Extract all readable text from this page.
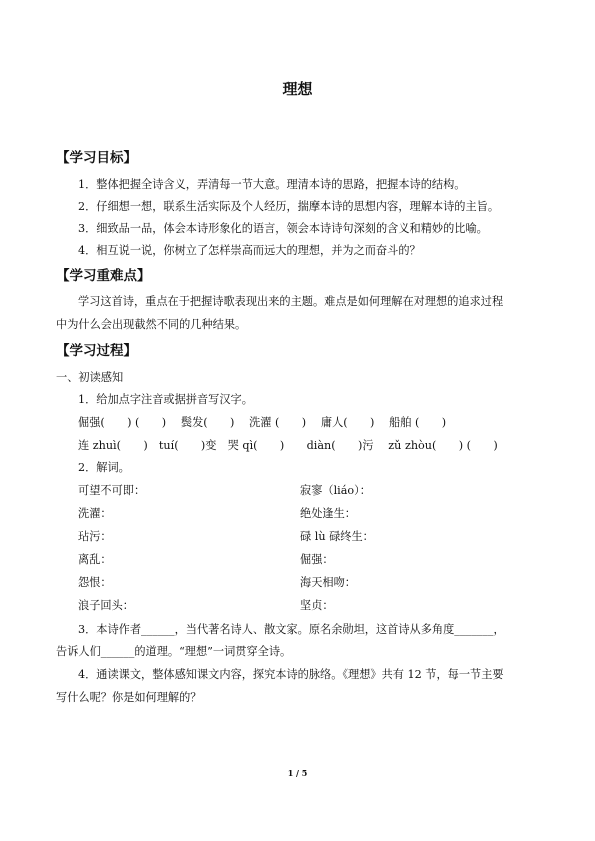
理想
【学习目标】
1．整体把握全诗含义，弄清每一节大意。理清本诗的思路，把握本诗的结构。
2．仔细想一想，联系生活实际及个人经历，揣摩本诗的思想内容，理解本诗的主旨。
3．细致品一品，体会本诗形象化的语言，领会本诗诗句深刻的含义和精妙的比喻。
4．相互说一说，你树立了怎样崇高而远大的理想，并为之而奋斗的？
【学习重难点】
学习这首诗，重点在于把握诗歌表现出来的主题。难点是如何理解在对理想的追求过程
中为什么会出现截然不同的几种结果。
【学习过程】
一、初读感知
1．给加点字注音或据拼音写汉字。
倔强(　　) (　　)　 鬓发(　　)　 洗濯 (　　)　 庸人(　　)　 船舶 (　　)
连 zhuì(　　)　tuí(　　)变　哭 qì(　　)　　diàn(　　)污　 zǔ zhòu(　　) (　　)
2．解词。
可望不可即：	寂寥（liáo）：
洗濯：	绝处逢生：
玷污：	碌 lù 碌终生：
离乱：	倔强：
怨恨：	海天相吻：
浪子回头：	坚贞：
3．本诗作者______，当代著名诗人、散文家。原名余勋坦，这首诗从多角度_______，
告诉人们______的道理。“理想”一词贯穿全诗。
4．通读课文，整体感知课文内容，探究本诗的脉络。《理想》共有 12 节，每一节主要
写什么呢？你是如何理解的？
1 / 5
